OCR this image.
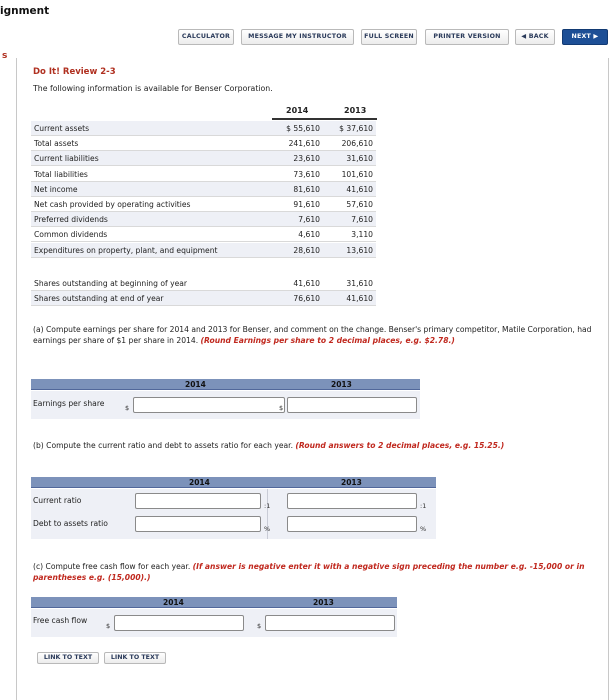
ignment
CALCULATOR	MESSAGE MY INSTRUCTOR	FULL SCREEN	PRINTER VERSION	◀ BACK	NEXT ▶
s
Do It! Review 2-3
The following information is available for Benser Corporation.
2014	2013
Current assets	$ 55,610	$ 37,610
Total assets	241,610	206,610
Current liabilities	23,610	31,610
Total liabilities	73,610	101,610
Net income	81,610	41,610
Net cash provided by operating activities	91,610	57,610
Preferred dividends	7,610	7,610
Common dividends	4,610	3,110
Expenditures on property, plant, and equipment	28,610	13,610
Shares outstanding at beginning of year	41,610	31,610
Shares outstanding at end of year	76,610	41,610
(a) Compute earnings per share for 2014 and 2013 for Benser, and comment on the change. Benser's primary competitor, Matile Corporation, had earnings per share of $1 per share in 2014. (Round Earnings per share to 2 decimal places, e.g. $2.78.)
2014	2013
Earnings per share	$	$
(b) Compute the current ratio and debt to assets ratio for each year. (Round answers to 2 decimal places, e.g. 15.25.)
2014	2013
Current ratio
:1	:1
Debt to assets ratio
%	%
(c) Compute free cash flow for each year. (If answer is negative enter it with a negative sign preceding the number e.g. -15,000 or in parentheses e.g. (15,000).)
2014	2013
Free cash flow
$	$
LINK TO TEXT	LINK TO TEXT
